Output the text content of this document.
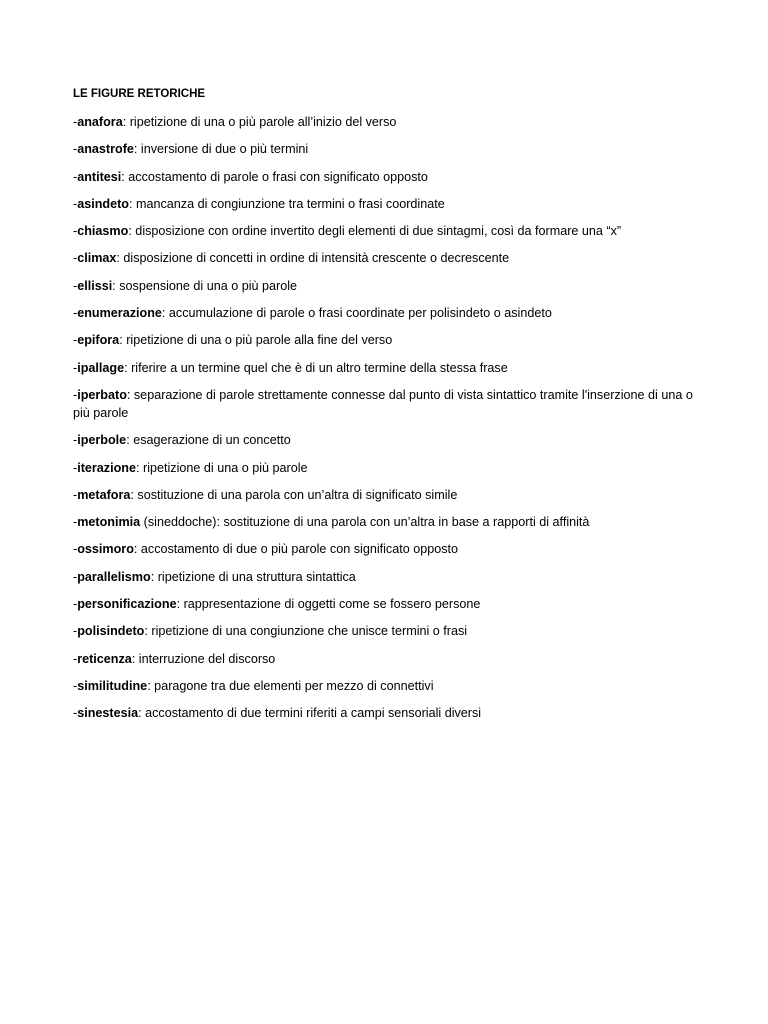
LE FIGURE RETORICHE
-anafora: ripetizione di una o più parole all’inizio del verso
-anastrofe: inversione di due o più termini
-antitesi: accostamento di parole o frasi con significato opposto
-asindeto: mancanza di congiunzione tra termini o frasi coordinate
-chiasmo: disposizione con ordine invertito degli elementi di due sintagmi, così da formare una “x”
-climax: disposizione di concetti in ordine di intensità crescente o decrescente
-ellissi: sospensione di una o più parole
-enumerazione: accumulazione di parole o frasi coordinate per polisindeto o asindeto
-epifora: ripetizione di una o più parole alla fine del verso
-ipallage: riferire a un termine quel che è di un altro termine della stessa frase
-iperbato: separazione di parole strettamente connesse dal punto di vista sintattico tramite l'inserzione di una o più parole
-iperbole: esagerazione di un concetto
-iterazione: ripetizione di una o più parole
-metafora: sostituzione di una parola con un’altra di significato simile
-metonimia (sineddoche): sostituzione di una parola con un’altra in base a rapporti di affinità
-ossimoro: accostamento di due o più parole con significato opposto
-parallelismo: ripetizione di una struttura sintattica
-personificazione: rappresentazione di oggetti come se fossero persone
-polisindeto: ripetizione di una congiunzione che unisce termini o frasi
-reticenza: interruzione del discorso
-similitudine: paragone tra due elementi per mezzo di connettivi
-sinestesia: accostamento di due termini riferiti a campi sensoriali diversi
